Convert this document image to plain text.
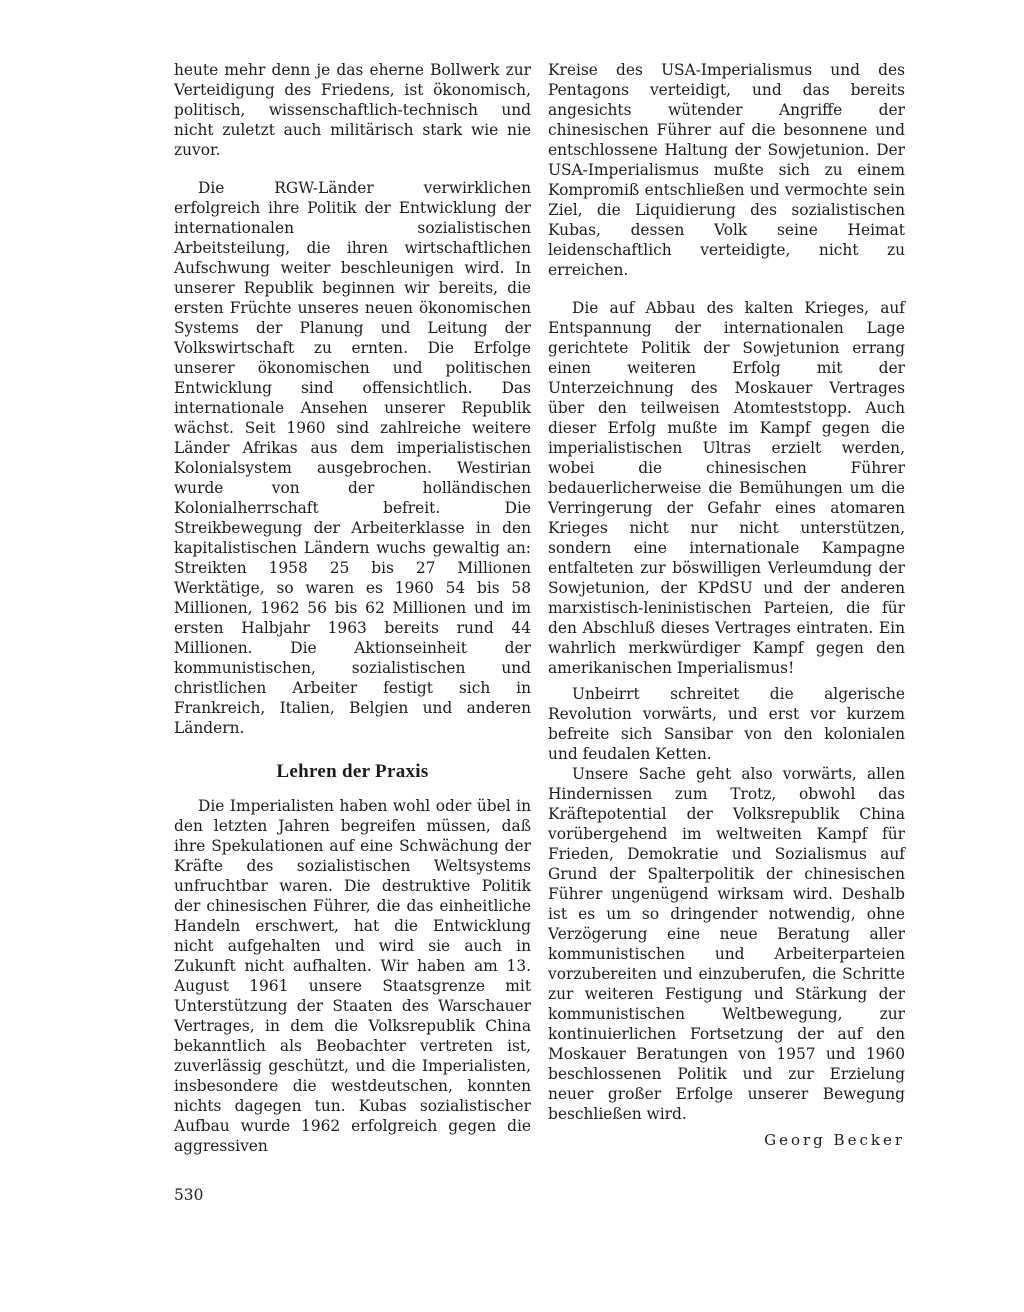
heute mehr denn je das eherne Bollwerk zur Verteidigung des Friedens, ist ökonomisch, politisch, wissenschaftlich-technisch und nicht zuletzt auch militärisch stark wie nie zuvor.

Die RGW-Länder verwirklichen erfolgreich ihre Politik der Entwicklung der internationalen sozialistischen Arbeitsteilung, die ihren wirtschaftlichen Aufschwung weiter beschleunigen wird. In unserer Republik beginnen wir bereits, die ersten Früchte unseres neuen ökonomischen Systems der Planung und Leitung der Volkswirtschaft zu ernten. Die Erfolge unserer ökonomischen und politischen Entwicklung sind offensichtlich. Das internationale Ansehen unserer Republik wächst. Seit 1960 sind zahlreiche weitere Länder Afrikas aus dem imperialistischen Kolonialsystem ausgebrochen. Westirian wurde von der holländischen Kolonialherrschaft befreit. Die Streikbewegung der Arbeiterklasse in den kapitalistischen Ländern wuchs gewaltig an: Streikten 1958 25 bis 27 Millionen Werktätige, so waren es 1960 54 bis 58 Millionen, 1962 56 bis 62 Millionen und im ersten Halbjahr 1963 bereits rund 44 Millionen. Die Aktionseinheit der kommunistischen, sozialistischen und christlichen Arbeiter festigt sich in Frankreich, Italien, Belgien und anderen Ländern.

Lehren der Praxis

Die Imperialisten haben wohl oder übel in den letzten Jahren begreifen müssen, daß ihre Spekulationen auf eine Schwächung der Kräfte des sozialistischen Weltsystems unfruchtbar waren. Die destruktive Politik der chinesischen Führer, die das einheitliche Handeln erschwert, hat die Entwicklung nicht aufgehalten und wird sie auch in Zukunft nicht aufhalten. Wir haben am 13. August 1961 unsere Staatsgrenze mit Unterstützung der Staaten des Warschauer Vertrages, in dem die Volksrepublik China bekanntlich als Beobachter vertreten ist, zuverlässig geschützt, und die Imperialisten, insbesondere die westdeutschen, konnten nichts dagegen tun. Kubas sozialistischer Aufbau wurde 1962 erfolgreich gegen die aggressiven

Kreise des USA-Imperialismus und des Pentagons verteidigt, und das bereits angesichts wütender Angriffe der chinesischen Führer auf die besonnene und entschlossene Haltung der Sowjetunion. Der USA-Imperialismus mußte sich zu einem Kompromiß entschließen und vermochte sein Ziel, die Liquidierung des sozialistischen Kubas, dessen Volk seine Heimat leidenschaftlich verteidigte, nicht zu erreichen.

Die auf Abbau des kalten Krieges, auf Entspannung der internationalen Lage gerichtete Politik der Sowjetunion errang einen weiteren Erfolg mit der Unterzeichnung des Moskauer Vertrages über den teilweisen Atomteststopp. Auch dieser Erfolg mußte im Kampf gegen die imperialistischen Ultras erzielt werden, wobei die chinesischen Führer bedauerlicherweise die Bemühungen um die Verringerung der Gefahr eines atomaren Krieges nicht nur nicht unterstützen, sondern eine internationale Kampagne entfalteten zur böswilligen Verleumdung der Sowjetunion, der KPdSU und der anderen marxistisch-leninistischen Parteien, die für den Abschluß dieses Vertrages eintraten. Ein wahrlich merkwürdiger Kampf gegen den amerikanischen Imperialismus!

Unbeirrt schreitet die algerische Revolution vorwärts, und erst vor kurzem befreite sich Sansibar von den kolonialen und feudalen Ketten.

Unsere Sache geht also vorwärts, allen Hindernissen zum Trotz, obwohl das Kräftepotential der Volksrepublik China vorübergehend im weltweiten Kampf für Frieden, Demokratie und Sozialismus auf Grund der Spalterpolitik der chinesischen Führer ungenügend wirksam wird. Deshalb ist es um so dringender notwendig, ohne Verzögerung eine neue Beratung aller kommunistischen und Arbeiterparteien vorzubereiten und einzuberufen, die Schritte zur weiteren Festigung und Stärkung der kommunistischen Weltbewegung, zur kontinuierlichen Fortsetzung der auf den Moskauer Beratungen von 1957 und 1960 beschlossenen Politik und zur Erzielung neuer großer Erfolge unserer Bewegung beschließen wird.

Georg Becker
530
